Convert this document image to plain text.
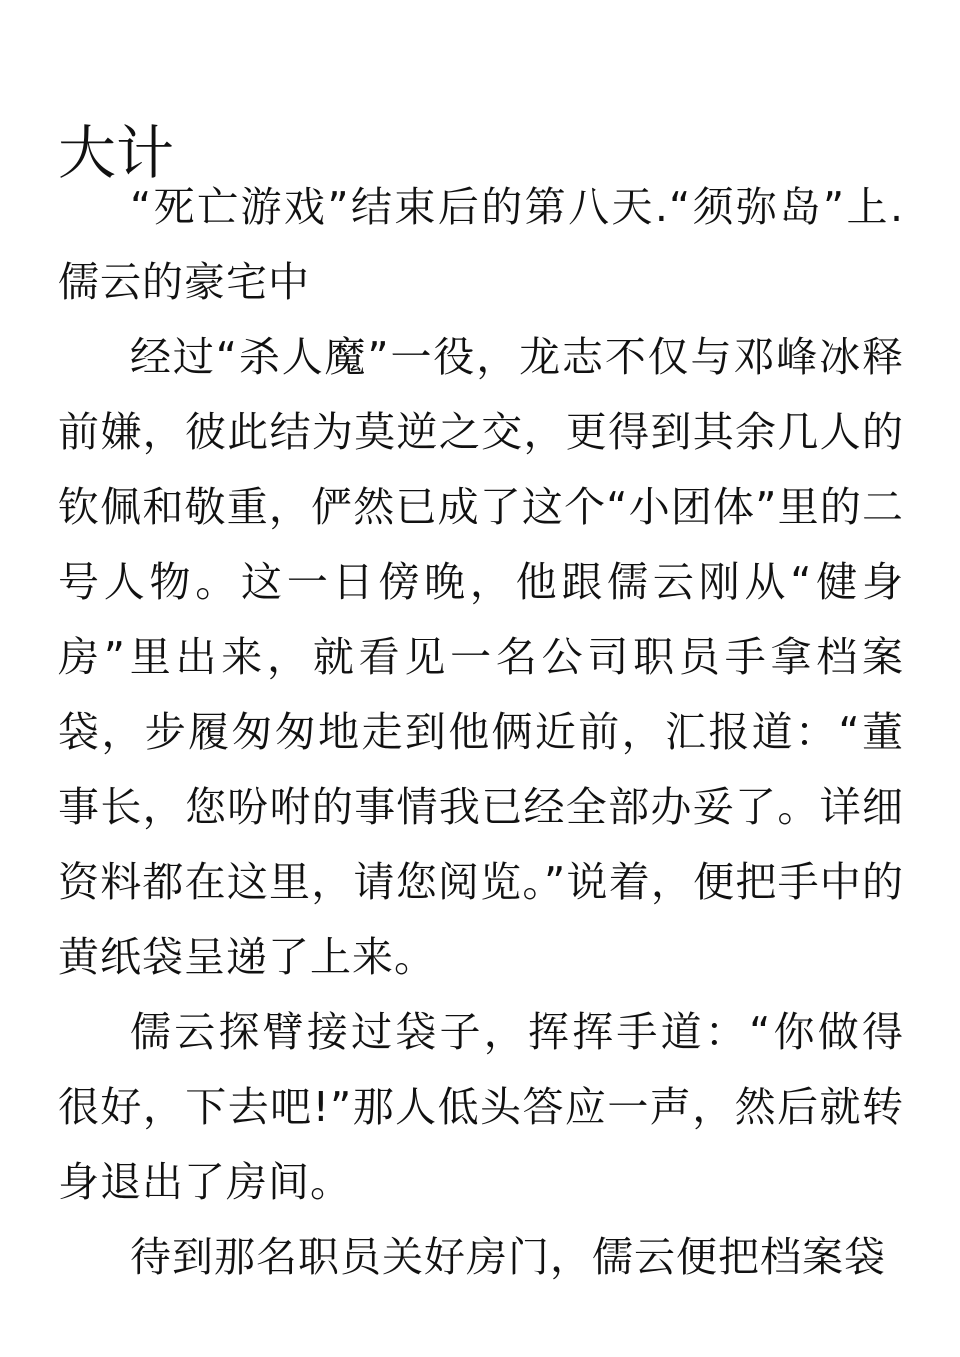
大计

“死亡游戏”结束后的第八天.“须弥岛”上.儒云的豪宅中

经过“杀人魔”一役，龙志不仅与邓峰冰释前嫌，彼此结为莫逆之交，更得到其余几人的钦佩和敬重，俨然已成了这个“小团体”里的二号人物。这一日傍晚，他跟儒云刚从“健身房”里出来，就看见一名公司职员手拿档案袋，步履匆匆地走到他俩近前，汇报道：“董事长，您吩咐的事情我已经全部办妥了。详细资料都在这里，请您阅览。”说着，便把手中的黄纸袋呈递了上来。

儒云探臂接过袋子，挥挥手道：“你做得很好，下去吧!”那人低头答应一声，然后就转身退出了房间。

待到那名职员关好房门，儒云便把档案袋
